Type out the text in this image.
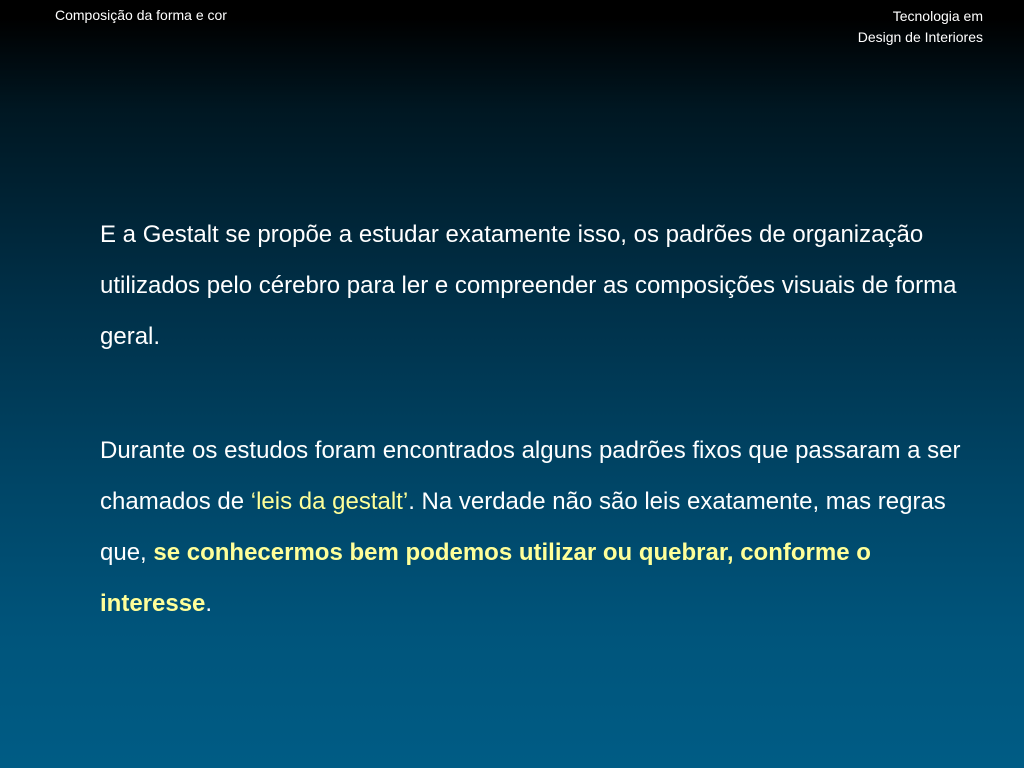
Composição da forma e cor	Tecnologia em
Design de Interiores

E a Gestalt se propõe a estudar exatamente isso, os padrões de organização utilizados pelo cérebro para ler e compreender as composições visuais de forma geral.

Durante os estudos foram encontrados alguns padrões fixos que passaram a ser chamados de ‘leis da gestalt’. Na verdade não são leis exatamente, mas regras que, se conhecermos bem podemos utilizar ou quebrar, conforme o interesse.
